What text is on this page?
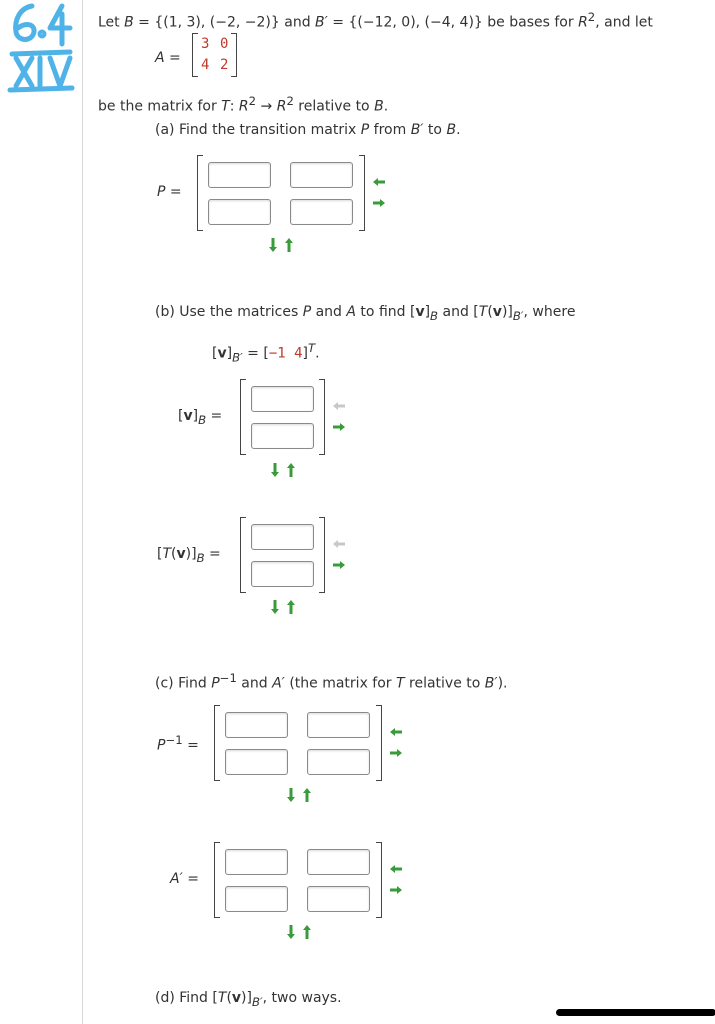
Let B = {(1, 3), (−2, −2)} and B′ = {(−12, 0), (−4, 4)} be bases for $R^2$, and let
A =
3 0
4 2
be the matrix for T: $R^2 \to R^2$ relative to B.
(a) Find the transition matrix P from B′ to B.
P =
(b) Use the matrices P and A to find $[v]_B$ and $[T(v)]_{B'}$, where
$[v]_{B'} = [-1$ 4]$^T$.
$[v]_B$ =
$[T(v)]_B$ =
(c) Find $P^{-1}$ and A′ (the matrix for T relative to B′).
$P^{-1}$ =
A′ =
(d) Find $[T(v)]_{B'}$, two ways.
